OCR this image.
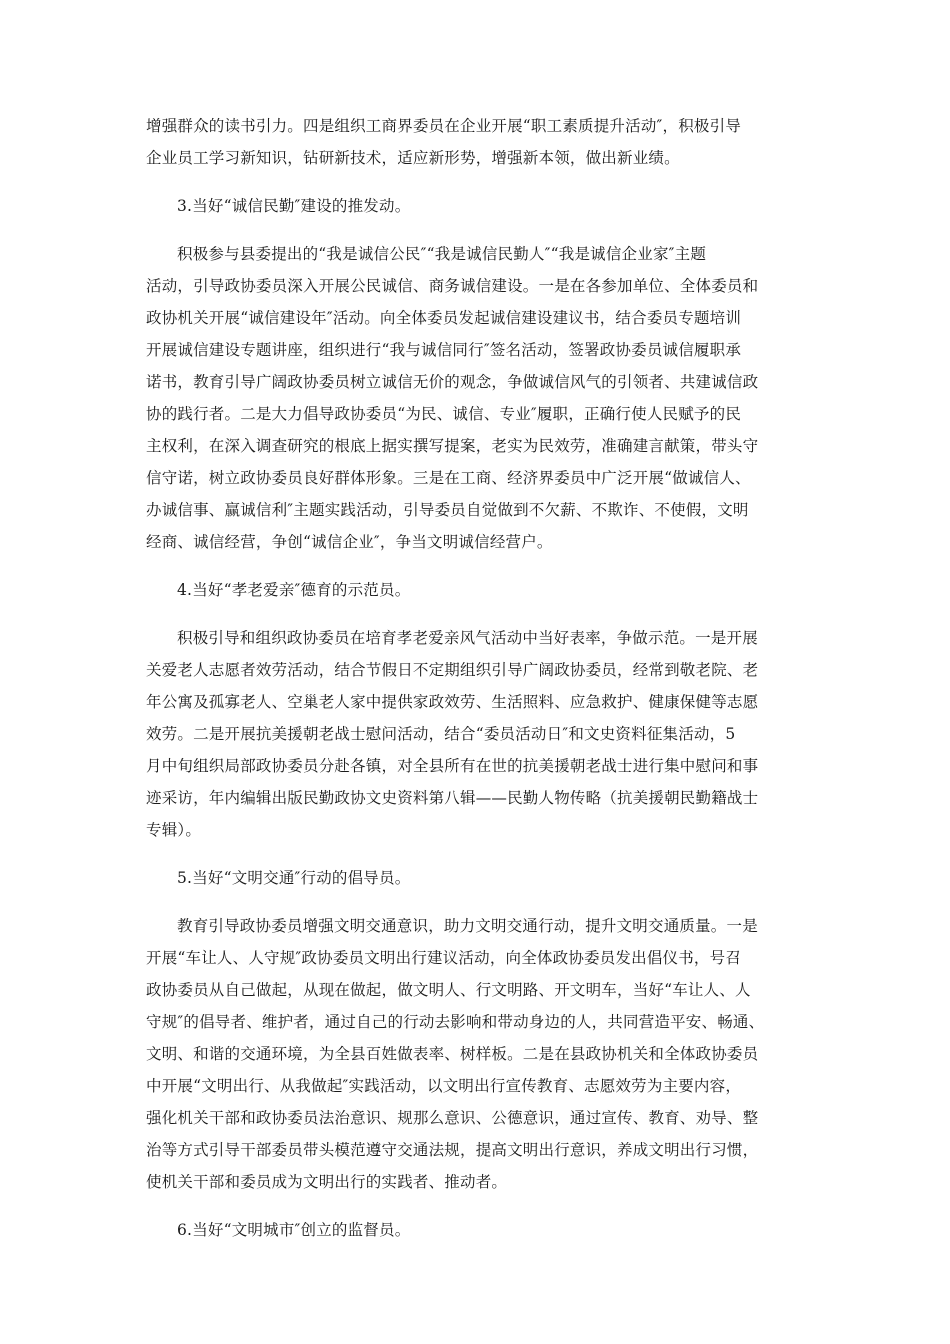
增强群众的读书引力。四是组织工商界委员在企业开展“职工素质提升活动″，积极引导
企业员工学习新知识，钻研新技术，适应新形势，增强新本领，做出新业绩。
3.当好“诚信民勤″建设的推发动。
积极参与县委提出的“我是诚信公民″“我是诚信民勤人″“我是诚信企业家″主题
活动，引导政协委员深入开展公民诚信、商务诚信建设。一是在各参加单位、全体委员和
政协机关开展“诚信建设年″活动。向全体委员发起诚信建设建议书，结合委员专题培训
开展诚信建设专题讲座，组织进行“我与诚信同行″签名活动，签署政协委员诚信履职承
诺书，教育引导广阔政协委员树立诚信无价的观念，争做诚信风气的引领者、共建诚信政
协的践行者。二是大力倡导政协委员“为民、诚信、专业″履职，正确行使人民赋予的民
主权利，在深入调查研究的根底上据实撰写提案，老实为民效劳，准确建言献策，带头守
信守诺，树立政协委员良好群体形象。三是在工商、经济界委员中广泛开展“做诚信人、
办诚信事、赢诚信利″主题实践活动，引导委员自觉做到不欠薪、不欺诈、不使假，文明
经商、诚信经营，争创“诚信企业″，争当文明诚信经营户。
4.当好“孝老爱亲″德育的示范员。
积极引导和组织政协委员在培育孝老爱亲风气活动中当好表率，争做示范。一是开展
关爱老人志愿者效劳活动，结合节假日不定期组织引导广阔政协委员，经常到敬老院、老
年公寓及孤寡老人、空巢老人家中提供家政效劳、生活照料、应急救护、健康保健等志愿
效劳。二是开展抗美援朝老战士慰问活动，结合“委员活动日″和文史资料征集活动，5
月中旬组织局部政协委员分赴各镇，对全县所有在世的抗美援朝老战士进行集中慰问和事
迹采访，年内编辑出版民勤政协文史资料第八辑——民勤人物传略（抗美援朝民勤籍战士
专辑）。
5.当好“文明交通″行动的倡导员。
教育引导政协委员增强文明交通意识，助力文明交通行动，提升文明交通质量。一是
开展“车让人、人守规″政协委员文明出行建议活动，向全体政协委员发出倡仪书，号召
政协委员从自己做起，从现在做起，做文明人、行文明路、开文明车，当好“车让人、人
守规″的倡导者、维护者，通过自己的行动去影响和带动身边的人，共同营造平安、畅通、
文明、和谐的交通环境，为全县百姓做表率、树样板。二是在县政协机关和全体政协委员
中开展“文明出行、从我做起″实践活动，以文明出行宣传教育、志愿效劳为主要内容，
强化机关干部和政协委员法治意识、规那么意识、公德意识，通过宣传、教育、劝导、整
治等方式引导干部委员带头模范遵守交通法规，提高文明出行意识，养成文明出行习惯，
使机关干部和委员成为文明出行的实践者、推动者。
6.当好“文明城市″创立的监督员。
